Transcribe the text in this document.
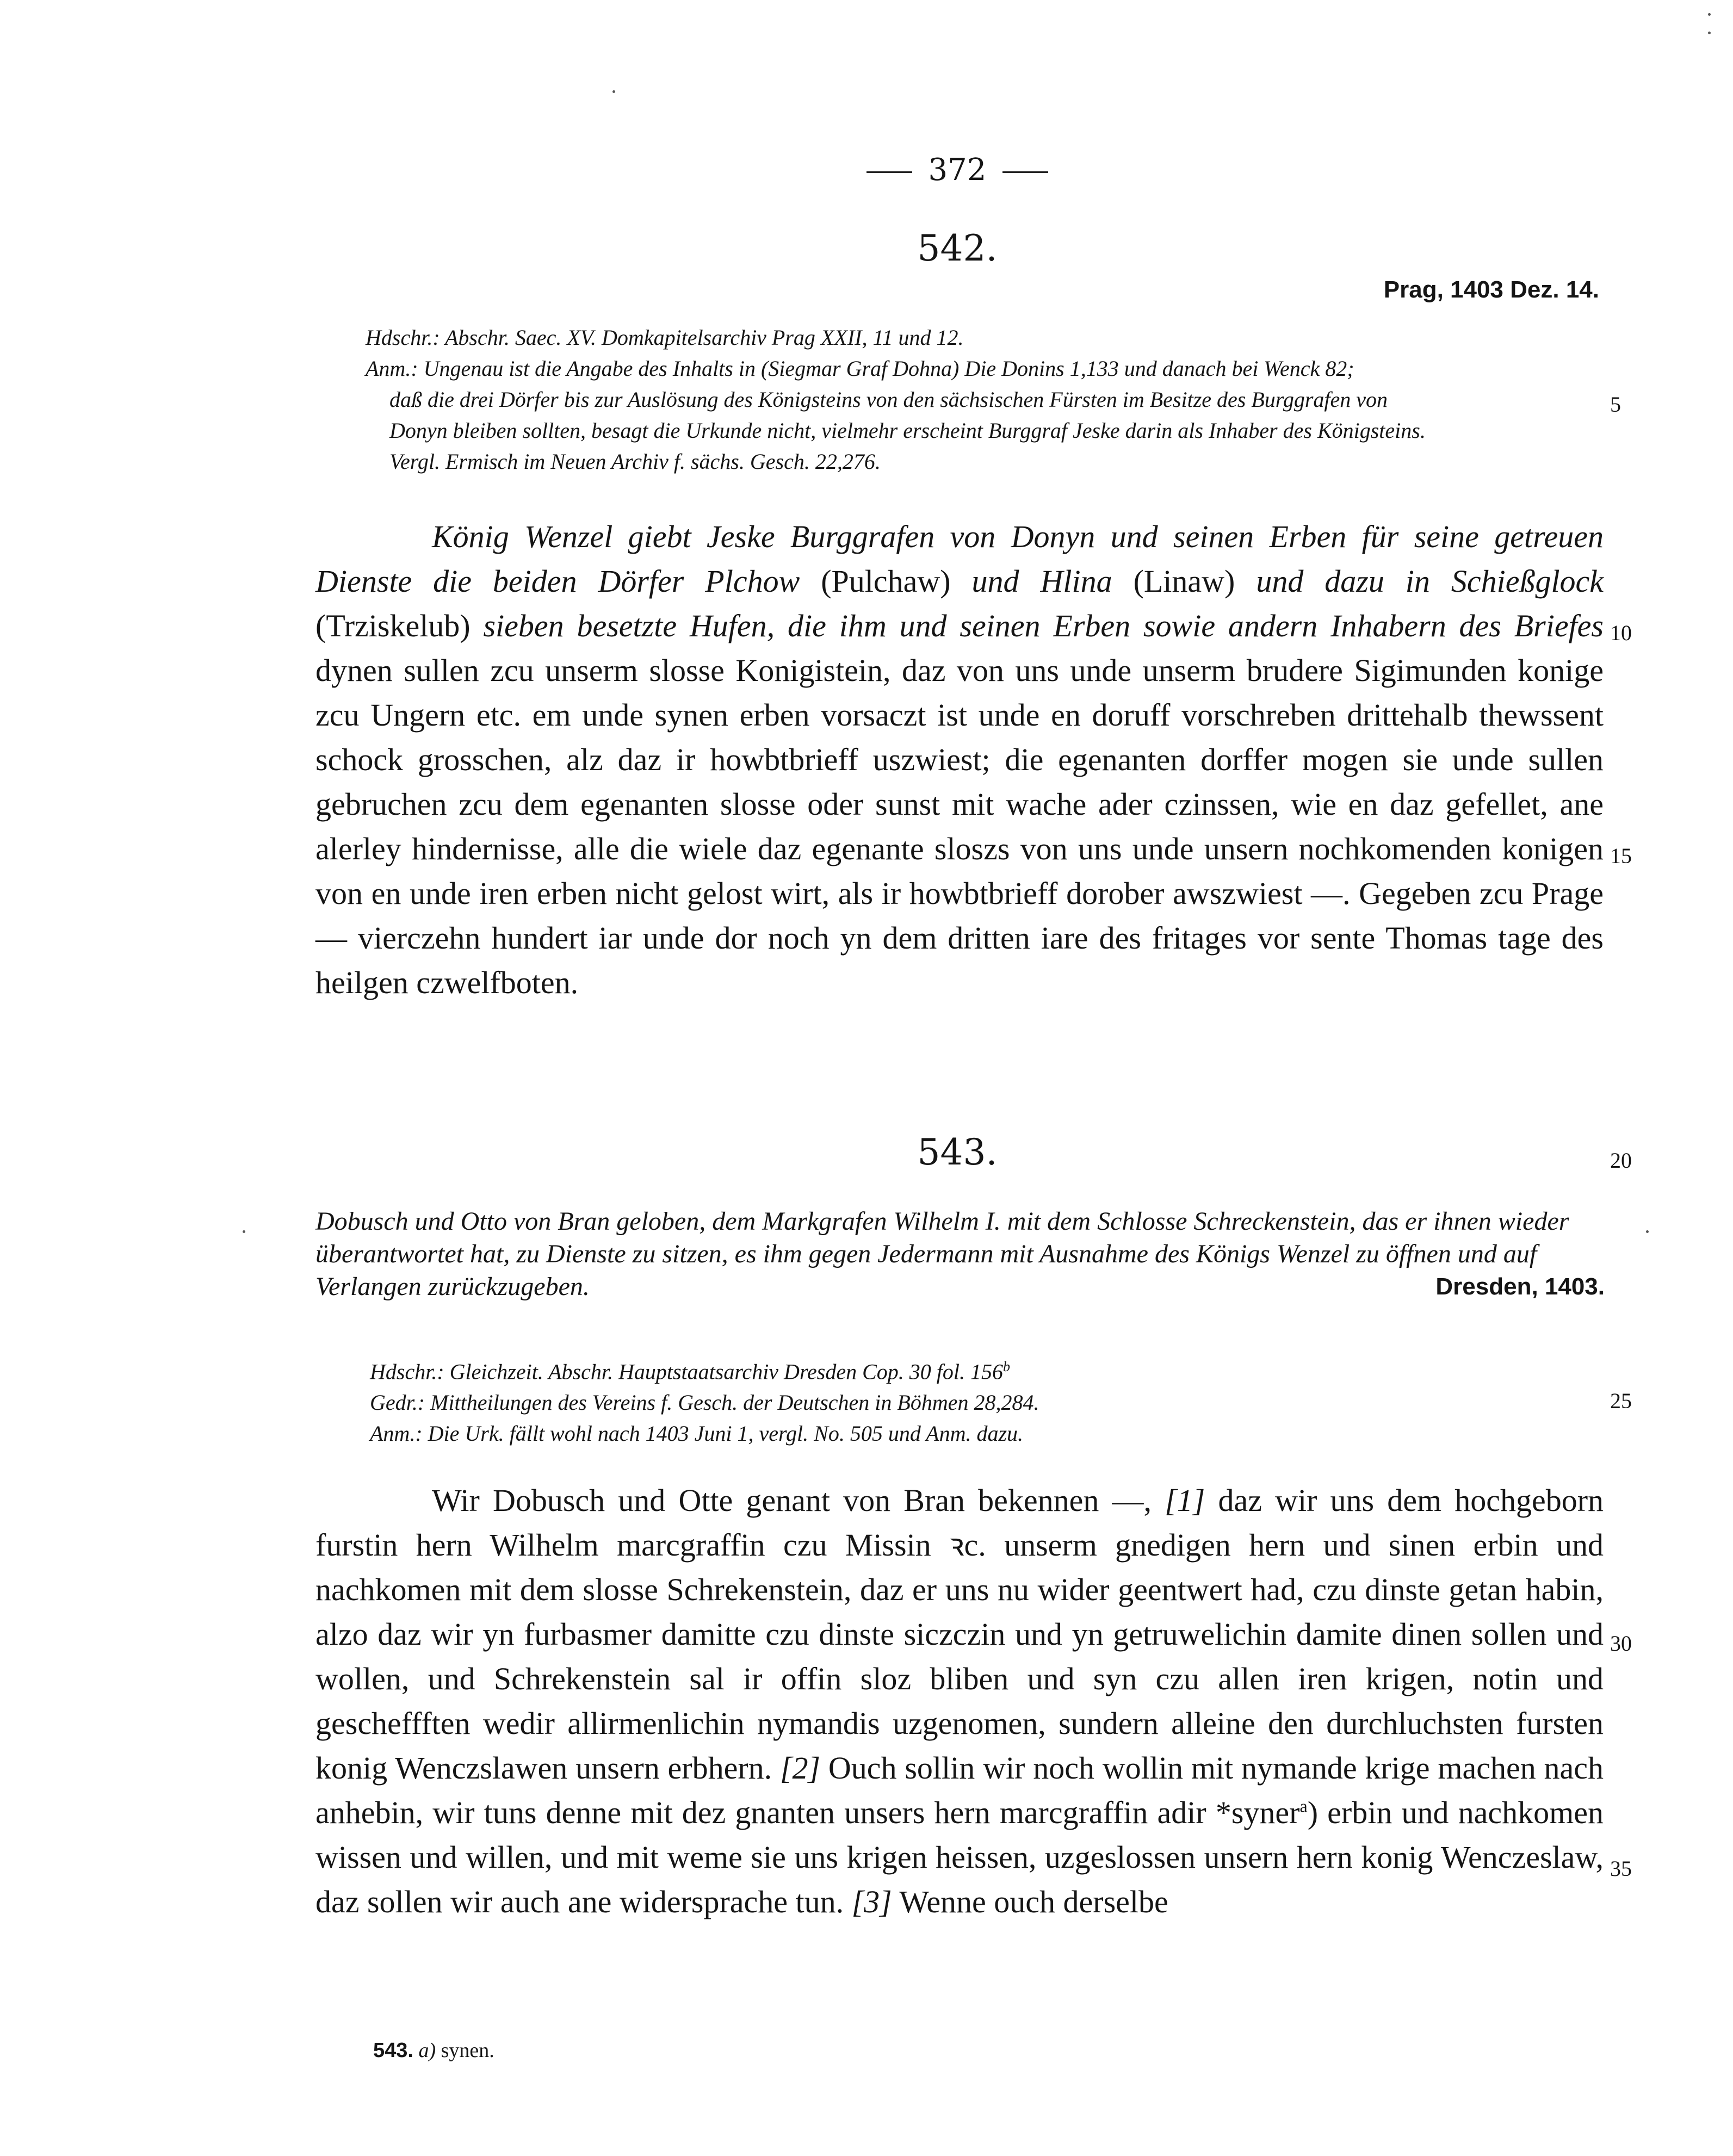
372
542.
Prag, 1403 Dez. 14.

Hdschr.: Abschr. Saec. XV. Domkapitelsarchiv Prag XXII, 11 und 12.

Anm.: Ungenau ist die Angabe des Inhalts in (Siegmar Graf Dohna) Die Donins 1,133 und danach bei Wenck 82;

daß die drei Dörfer bis zur Auslösung des Königsteins von den sächsischen Fürsten im Besitze des Burggrafen von

Donyn bleiben sollten, besagt die Urkunde nicht, vielmehr erscheint Burggraf Jeske darin als Inhaber des Königsteins.

Vergl. Ermisch im Neuen Archiv f. sächs. Gesch. 22,276.

König Wenzel giebt Jeske Burggrafen von Donyn und seinen Erben für seine getreuen Dienste die beiden Dörfer Plchow (Pulchaw) und Hlina (Linaw) und dazu in Schießglock (Trziskelub) sieben besetzte Hufen, die ihm und seinen Erben sowie andern Inhabern des Briefes dynen sullen zcu unserm slosse Konigistein, daz von uns unde unserm brudere Sigimunden konige zcu Ungern etc. em unde synen erben vorsaczt ist unde en doruff vorschreben drittehalb thewssent schock grosschen, alz daz ir howbtbrieff uszwiest; die egenanten dorffer mogen sie unde sullen gebruchen zcu dem egenanten slosse oder sunst mit wache ader czinssen, wie en daz gefellet, ane alerley hindernisse, alle die wiele daz egenante sloszs von uns unde unsern nochkomenden konigen von en unde iren erben nicht gelost wirt, als ir howbtbrieff dorober awszwiest —. Gegeben zcu Prage — vierczehn hundert iar unde dor noch yn dem dritten iare des fritages vor sente Thomas tage des heilgen czwelfboten.

543.
Dobusch und Otto von Bran geloben, dem Markgrafen Wilhelm I. mit dem Schlosse Schreckenstein, das er ihnen wieder überantwortet hat, zu Dienste zu sitzen, es ihm gegen Jedermann mit Ausnahme des Königs Wenzel zu öffnen und auf Verlangen zurückzugeben.	Dresden, 1403.

Hdschr.: Gleichzeit. Abschr. Hauptstaatsarchiv Dresden Cop. 30 fol. 156$^b$

Gedr.: Mittheilungen des Vereins f. Gesch. der Deutschen in Böhmen 28,284.

Anm.: Die Urk. fällt wohl nach 1403 Juni 1, vergl. No. 505 und Anm. dazu.

Wir Dobusch und Otte genant von Bran bekennen —, [1] daz wir uns dem hochgeborn furstin hern Wilhelm marcgraffin czu Missin ꝛc. unserm gnedigen hern und sinen erbin und nachkomen mit dem slosse Schrekenstein, daz er uns nu wider geentwert had, czu dinste getan habin, alzo daz wir yn furbasmer damitte czu dinste siczczin und yn getruwelichin damite dinen sollen und wollen, und Schrekenstein sal ir offin sloz bliben und syn czu allen iren krigen, notin und gescheffften wedir allirmenlichin nymandis uzgenomen, sundern alleine den durchluchsten fursten konig Wenczslawen unsern erbhern. [2] Ouch sollin wir noch wollin mit nymande krige machen nach anhebin, wir tuns denne mit dez gnanten unsers hern marcgraffin adir *syner$^a$) erbin und nachkomen wissen und willen, und mit weme sie uns krigen heissen, uzgeslossen unsern hern konig Wenczeslaw, daz sollen wir auch ane widersprache tun. [3] Wenne ouch derselbe

5
10
15
20
25
30
35
543. a) synen.
